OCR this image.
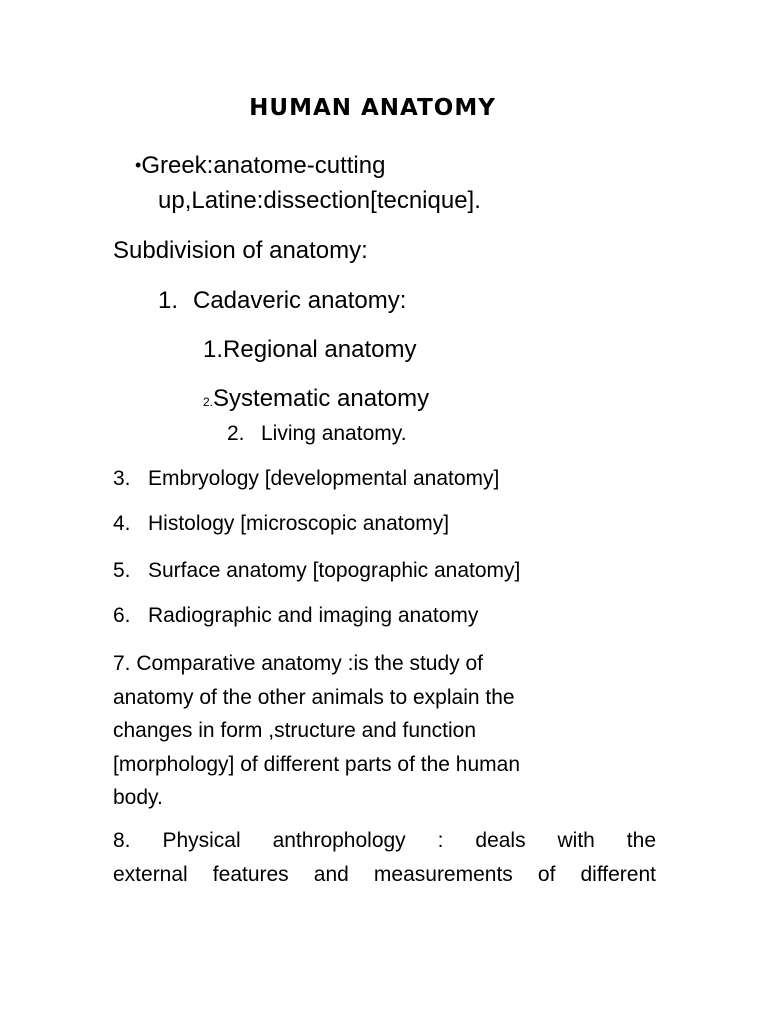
HUMAN ANATOMY
•Greek:anatome-cutting
up,Latine:dissection[tecnique].
Subdivision of anatomy:
1. Cadaveric anatomy:
1.Regional anatomy
2.Systematic anatomy
2. Living anatomy.
3. Embryology [developmental anatomy]
4. Histology [microscopic anatomy]
5. Surface anatomy [topographic anatomy]
6. Radiographic and imaging anatomy
7. Comparative anatomy :is the study of
anatomy of the other animals to explain the
changes in form ,structure and function
[morphology] of different parts of the human
body.
8. Physical anthrophology : deals with the
external features and measurements of different
